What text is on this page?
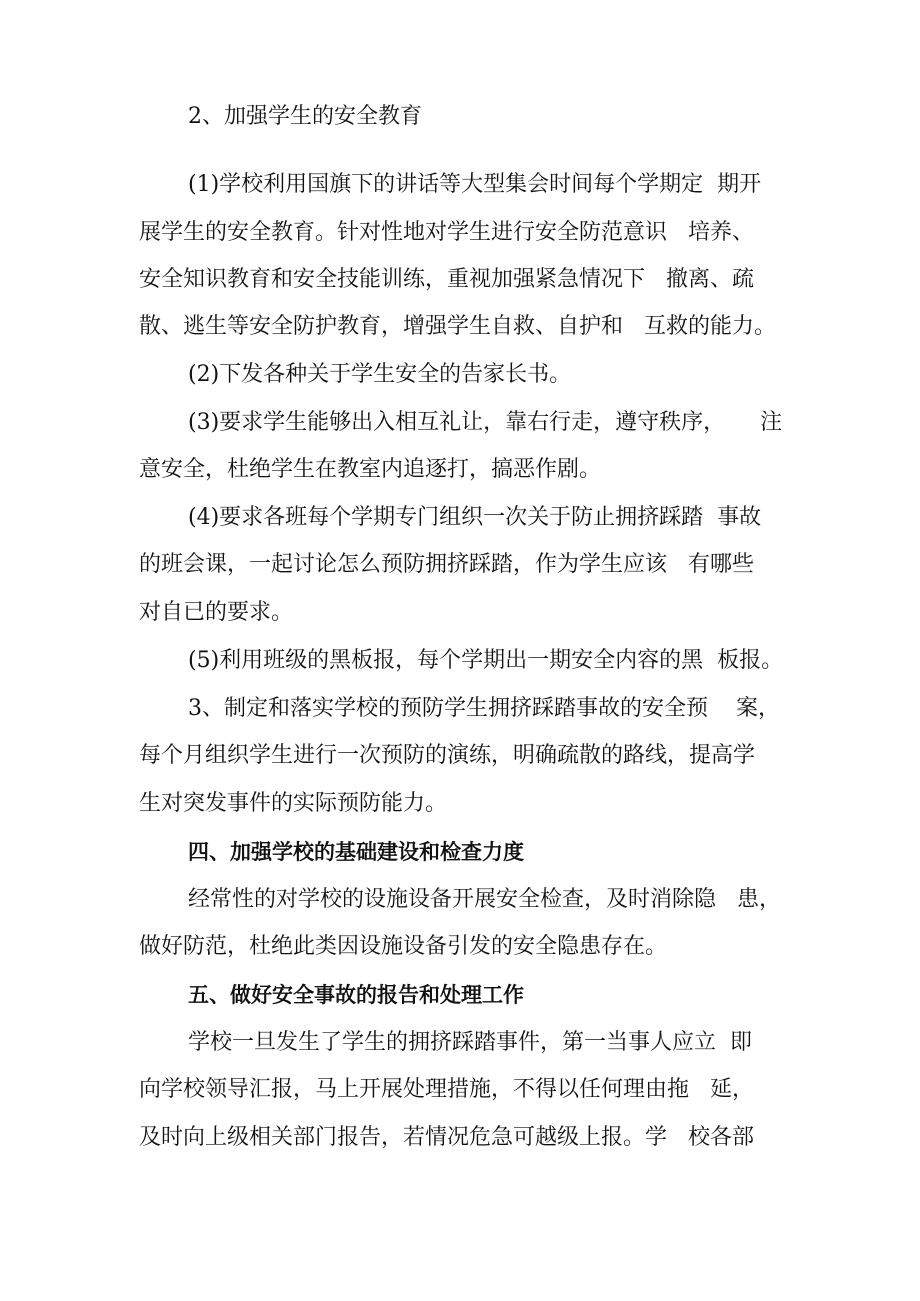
2、加强学生的安全教育
(1)学校利用国旗下的讲话等大型集会时间每个学期定  期开
展学生的安全教育。针对性地对学生进行安全防范意识   培养、
安全知识教育和安全技能训练，重视加强紧急情况下   撤离、疏
散、逃生等安全防护教育，增强学生自救、自护和   互救的能力。
(2)下发各种关于学生安全的告家长书。
(3)要求学生能够出入相互礼让，靠右行走，遵守秩序，     注
意安全，杜绝学生在教室内追逐打，搞恶作剧。
(4)要求各班每个学期专门组织一次关于防止拥挤踩踏  事故
的班会课，一起讨论怎么预防拥挤踩踏，作为学生应该   有哪些
对自已的要求。
(5)利用班级的黑板报，每个学期出一期安全内容的黑  板报。
3、制定和落实学校的预防学生拥挤踩踏事故的安全预    案，
每个月组织学生进行一次预防的演练，明确疏散的路线，提高学
生对突发事件的实际预防能力。
四、加强学校的基础建设和检查力度
经常性的对学校的设施设备开展安全检查，及时消除隐   患，
做好防范，杜绝此类因设施设备引发的安全隐患存在。
五、做好安全事故的报告和处理工作
学校一旦发生了学生的拥挤踩踏事件，第一当事人应立  即
向学校领导汇报，马上开展处理措施，不得以任何理由拖   延，
及时向上级相关部门报告，若情况危急可越级上报。学   校各部
